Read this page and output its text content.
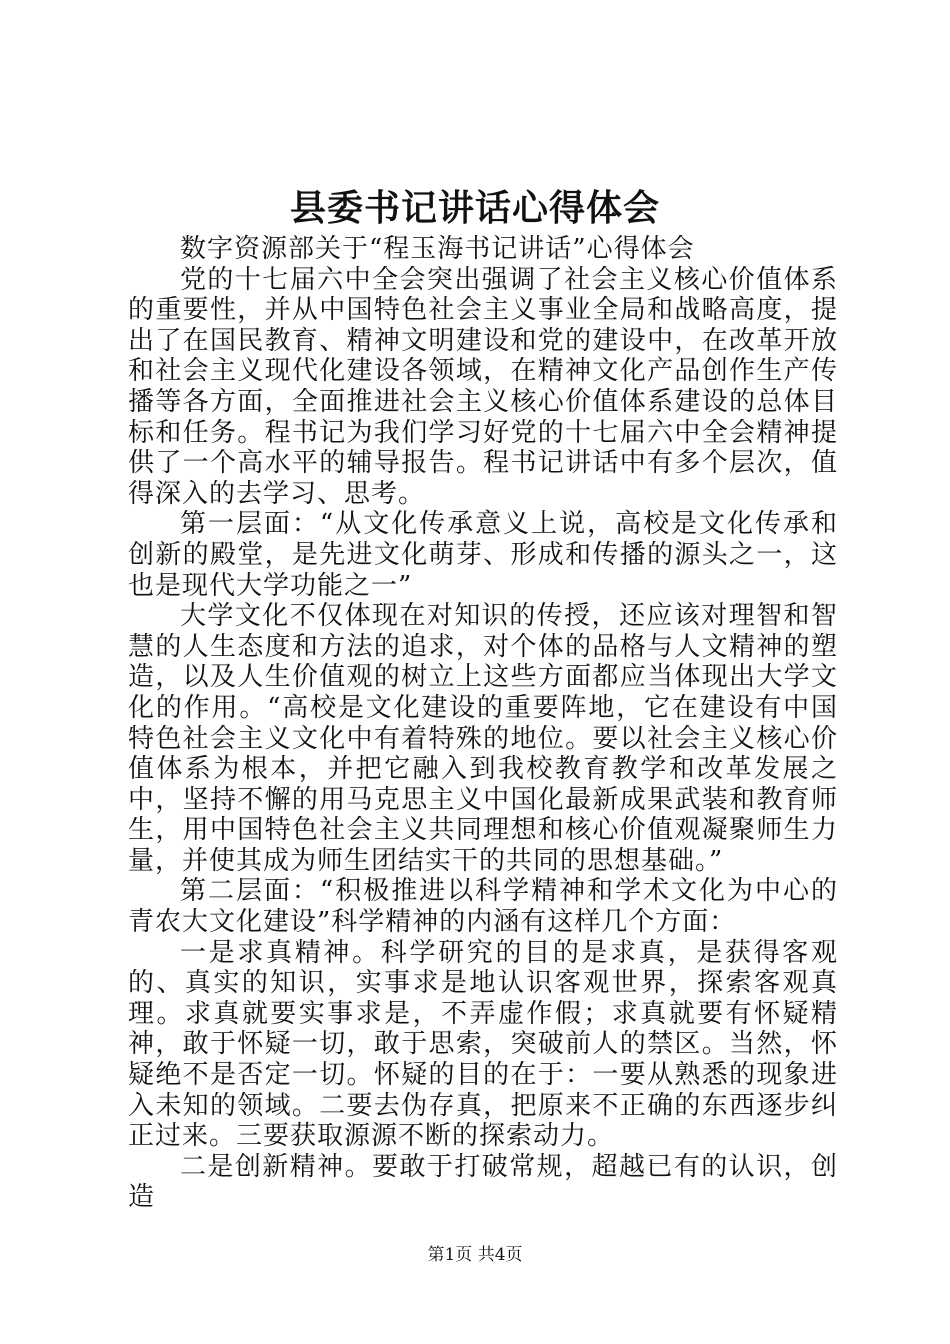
县委书记讲话心得体会

数字资源部关于“程玉海书记讲话”心得体会

党的十七届六中全会突出强调了社会主义核心价值体系的重要性，并从中国特色社会主义事业全局和战略高度，提出了在国民教育、精神文明建设和党的建设中，在改革开放和社会主义现代化建设各领域，在精神文化产品创作生产传播等各方面，全面推进社会主义核心价值体系建设的总体目标和任务。程书记为我们学习好党的十七届六中全会精神提供了一个高水平的辅导报告。程书记讲话中有多个层次，值得深入的去学习、思考。

第一层面：“从文化传承意义上说，高校是文化传承和创新的殿堂，是先进文化萌芽、形成和传播的源头之一，这也是现代大学功能之一”

大学文化不仅体现在对知识的传授，还应该对理智和智慧的人生态度和方法的追求，对个体的品格与人文精神的塑造，以及人生价值观的树立上这些方面都应当体现出大学文化的作用。“高校是文化建设的重要阵地，它在建设有中国特色社会主义文化中有着特殊的地位。要以社会主义核心价值体系为根本，并把它融入到我校教育教学和改革发展之中，坚持不懈的用马克思主义中国化最新成果武装和教育师生，用中国特色社会主义共同理想和核心价值观凝聚师生力量，并使其成为师生团结实干的共同的思想基础。”

第二层面：“积极推进以科学精神和学术文化为中心的青农大文化建设”科学精神的内涵有这样几个方面：

一是求真精神。科学研究的目的是求真，是获得客观的、真实的知识，实事求是地认识客观世界，探索客观真理。求真就要实事求是，不弄虚作假；求真就要有怀疑精神，敢于怀疑一切，敢于思索，突破前人的禁区。当然，怀疑绝不是否定一切。怀疑的目的在于：一要从熟悉的现象进入未知的领域。二要去伪存真，把原来不正确的东西逐步纠正过来。三要获取源源不断的探索动力。

二是创新精神。要敢于打破常规，超越已有的认识，创造

第1页 共4页
